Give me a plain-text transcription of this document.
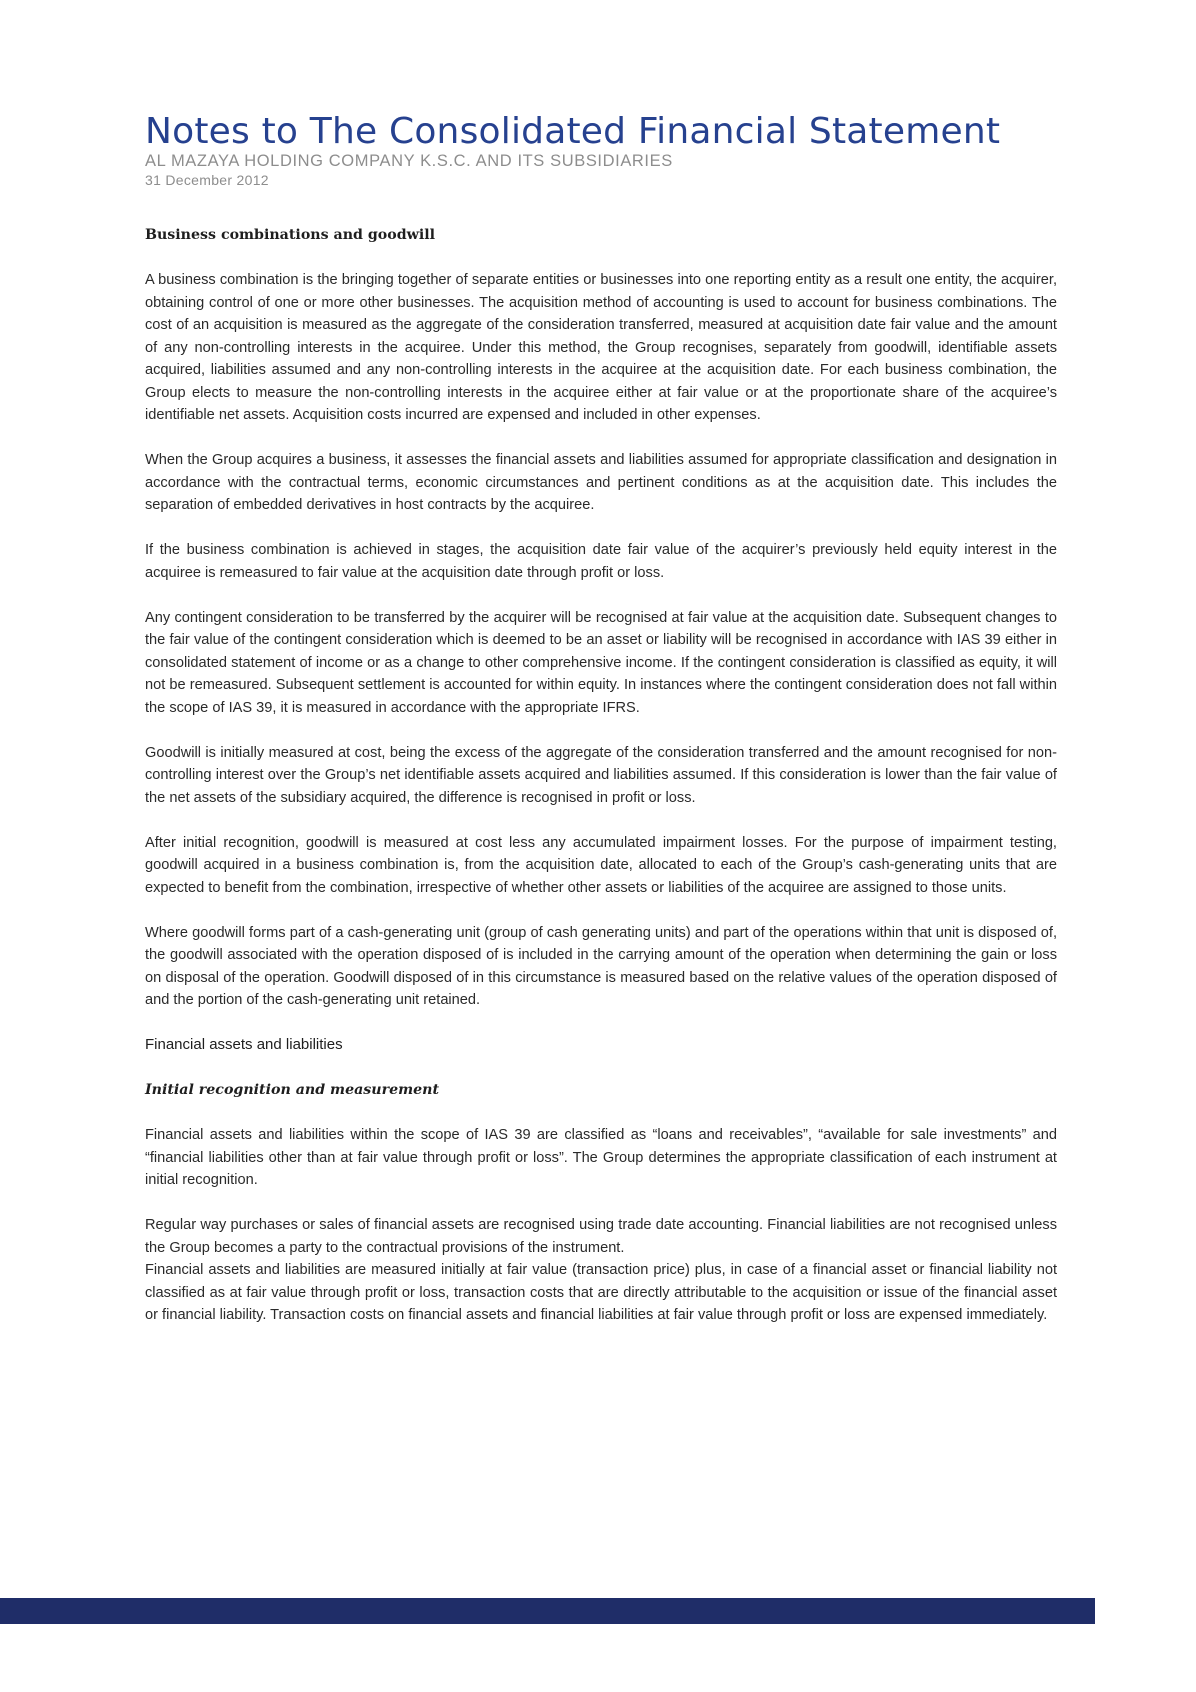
Notes to The Consolidated Financial Statement

AL MAZAYA HOLDING COMPANY K.S.C. AND ITS SUBSIDIARIES

31 December 2012

Business combinations and goodwill

A business combination is the bringing together of separate entities or businesses into one reporting entity as a result one entity, the acquirer, obtaining control of one or more other businesses. The acquisition method of accounting is used to account for business combinations. The cost of an acquisition is measured as the aggregate of the consideration transferred, measured at acquisition date fair value and the amount of any non-controlling interests in the acquiree. Under this method, the Group recognises, separately from goodwill, identifiable assets acquired, liabilities assumed and any non-controlling interests in the acquiree at the acquisition date. For each business combination, the Group elects to measure the non-controlling interests in the acquiree either at fair value or at the proportionate share of the acquiree’s identifiable net assets. Acquisition costs incurred are expensed and included in other expenses.

When the Group acquires a business, it assesses the financial assets and liabilities assumed for appropriate classification and designation in accordance with the contractual terms, economic circumstances and pertinent conditions as at the acquisition date. This includes the separation of embedded derivatives in host contracts by the acquiree.

If the business combination is achieved in stages, the acquisition date fair value of the acquirer’s previously held equity interest in the acquiree is remeasured to fair value at the acquisition date through profit or loss.

Any contingent consideration to be transferred by the acquirer will be recognised at fair value at the acquisition date. Subsequent changes to the fair value of the contingent consideration which is deemed to be an asset or liability will be recognised in accordance with IAS 39 either in consolidated statement of income or as a change to other comprehensive income. If the contingent consideration is classified as equity, it will not be remeasured. Subsequent settlement is accounted for within equity. In instances where the contingent consideration does not fall within the scope of IAS 39, it is measured in accordance with the appropriate IFRS.

Goodwill is initially measured at cost, being the excess of the aggregate of the consideration transferred and the amount recognised for non-controlling interest over the Group’s net identifiable assets acquired and liabilities assumed. If this consideration is lower than the fair value of the net assets of the subsidiary acquired, the difference is recognised in profit or loss.

After initial recognition, goodwill is measured at cost less any accumulated impairment losses. For the purpose of impairment testing, goodwill acquired in a business combination is, from the acquisition date, allocated to each of the Group’s cash-generating units that are expected to benefit from the combination, irrespective of whether other assets or liabilities of the acquiree are assigned to those units.

Where goodwill forms part of a cash-generating unit (group of cash generating units) and part of the operations within that unit is disposed of, the goodwill associated with the operation disposed of is included in the carrying amount of the operation when determining the gain or loss on disposal of the operation. Goodwill disposed of in this circumstance is measured based on the relative values of the operation disposed of and the portion of the cash-generating unit retained.

Financial assets and liabilities

Initial recognition and measurement

Financial assets and liabilities within the scope of IAS 39 are classified as “loans and receivables”, “available for sale investments” and “financial liabilities other than at fair value through profit or loss”. The Group determines the appropriate classification of each instrument at initial recognition.

Regular way purchases or sales of financial assets are recognised using trade date accounting. Financial liabilities are not recognised unless the Group becomes a party to the contractual provisions of the instrument.

Financial assets and liabilities are measured initially at fair value (transaction price) plus, in case of a financial asset or financial liability not classified as at fair value through profit or loss, transaction costs that are directly attributable to the acquisition or issue of the financial asset or financial liability. Transaction costs on financial assets and financial liabilities at fair value through profit or loss are expensed immediately.
